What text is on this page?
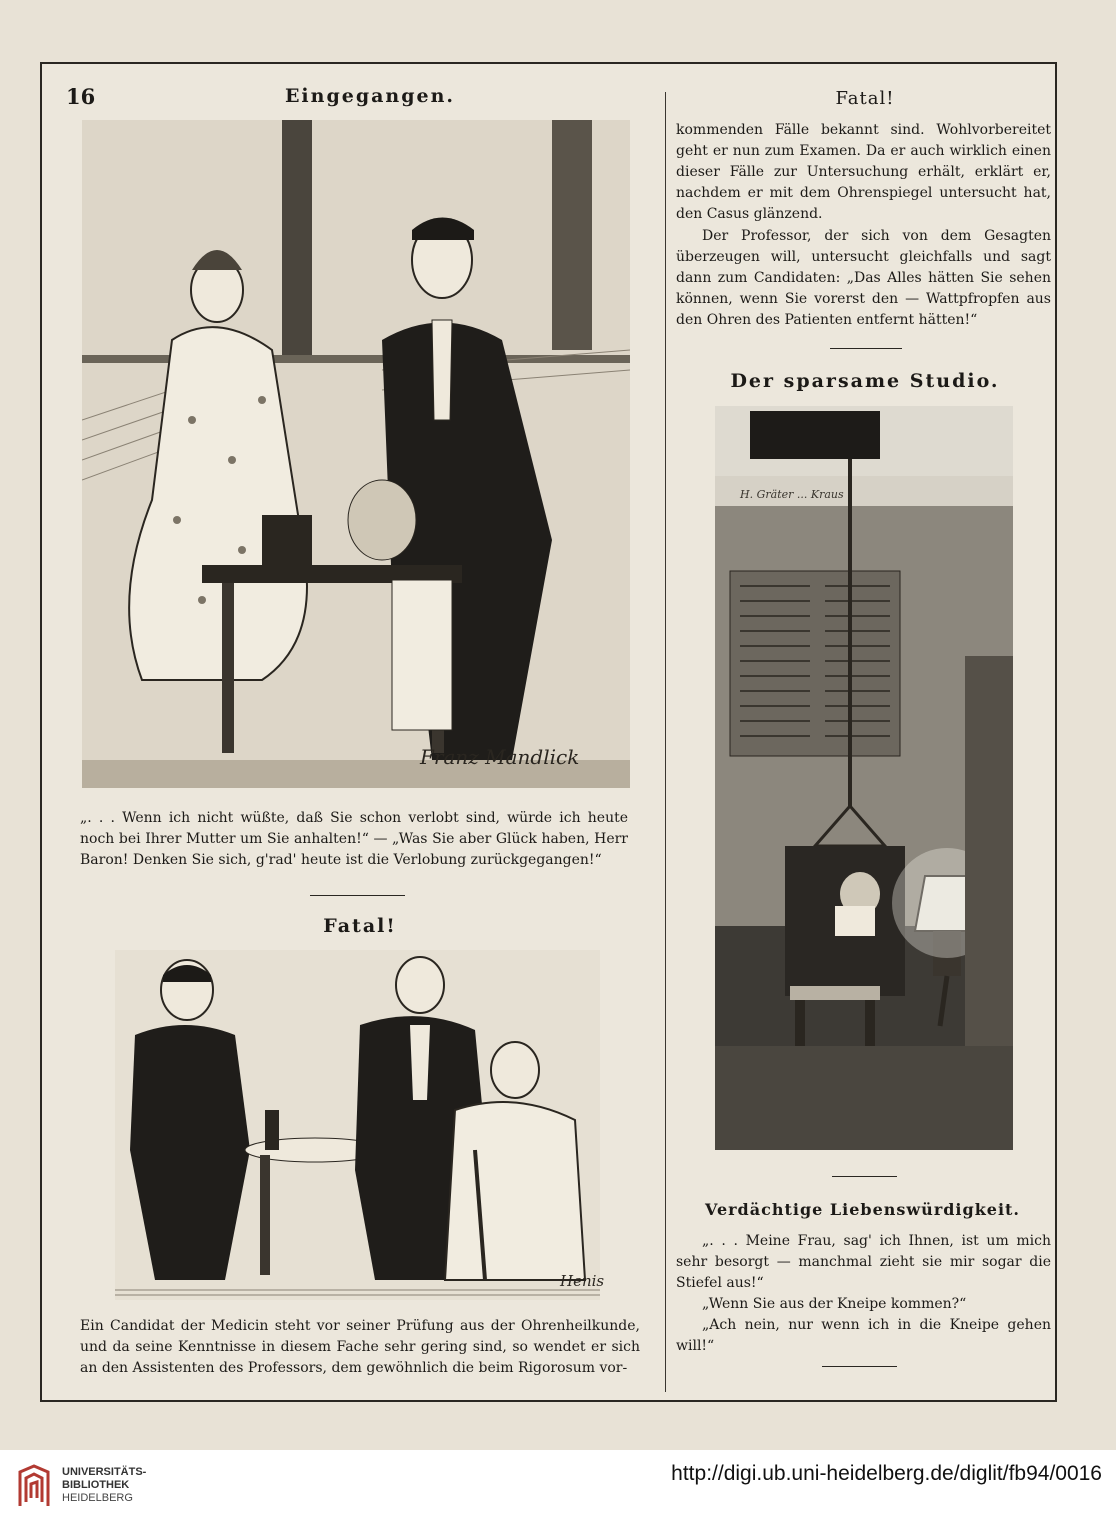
16	Eingegangen.
Franz Mandlick

„. . . Wenn ich nicht wüßte, daß Sie schon verlobt sind, würde ich heute noch bei Ihrer Mutter um Sie anhalten!“ — „Was Sie aber Glück haben, Herr Baron! Denken Sie sich, g'rad' heute ist die Verlobung zurückgegangen!“

Fatal!
Henis

Ein Candidat der Medicin steht vor seiner Prüfung aus der Ohrenheilkunde, und da seine Kenntnisse in diesem Fache sehr gering sind, so wendet er sich an den Assistenten des Professors, dem gewöhnlich die beim Rigorosum vor-

Fatal!

kommenden Fälle bekannt sind. Wohlvorbereitet geht er nun zum Examen. Da er auch wirklich einen dieser Fälle zur Untersuchung erhält, erklärt er, nachdem er mit dem Ohrenspiegel untersucht hat, den Casus glänzend.

Der Professor, der sich von dem Gesagten überzeugen will, untersucht gleichfalls und sagt dann zum Candidaten: „Das Alles hätten Sie sehen können, wenn Sie vorerst den — Wattpfropfen aus den Ohren des Patienten entfernt hätten!“

Der sparsame Studio.
H. Gräter ... Kraus
Verdächtige Liebenswürdigkeit.

„. . . Meine Frau, sag' ich Ihnen, ist um mich sehr besorgt — manchmal zieht sie mir sogar die Stiefel aus!“

„Wenn Sie aus der Kneipe kommen?“

„Ach nein, nur wenn ich in die Kneipe gehen will!“

UNIVERSITÄTS-
BIBLIOTHEK
HEIDELBERG

http://digi.ub.uni-heidelberg.de/diglit/fb94/0016
